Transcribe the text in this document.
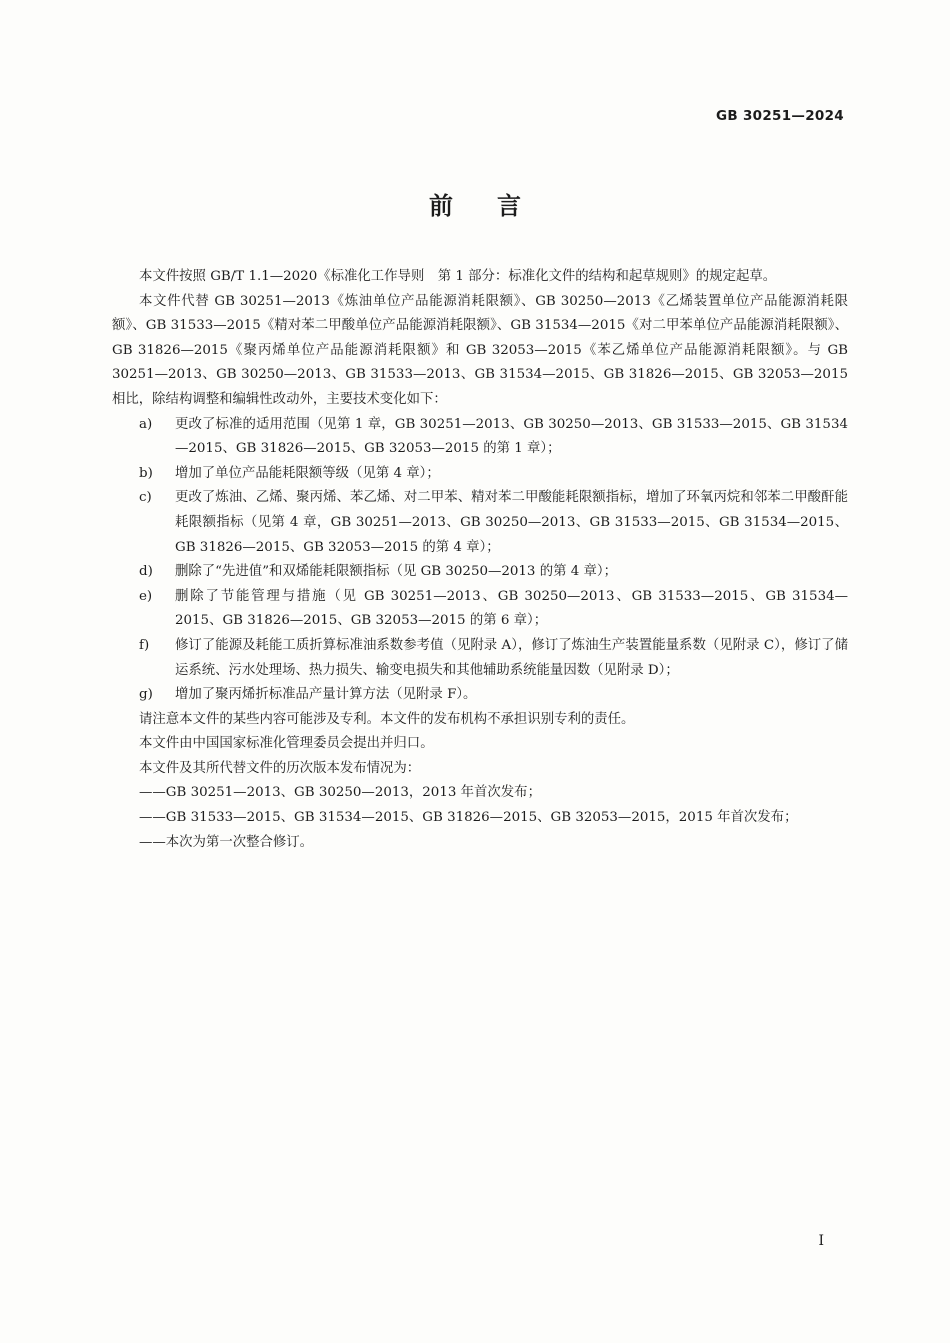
GB 30251—2024
前言

本文件按照 GB/T 1.1—2020《标准化工作导则　第 1 部分：标准化文件的结构和起草规则》的规定起草。

本文件代替 GB 30251—2013《炼油单位产品能源消耗限额》、GB 30250—2013《乙烯装置单位产品能源消耗限额》、GB 31533—2015《精对苯二甲酸单位产品能源消耗限额》、GB 31534—2015《对二甲苯单位产品能源消耗限额》、GB 31826—2015《聚丙烯单位产品能源消耗限额》和 GB 32053—2015《苯乙烯单位产品能源消耗限额》。与 GB 30251—2013、GB 30250—2013、GB 31533—2013、GB 31534—2015、GB 31826—2015、GB 32053—2015 相比，除结构调整和编辑性改动外，主要技术变化如下：

a)	更改了标准的适用范围（见第 1 章，GB 30251—2013、GB 30250—2013、GB 31533—2015、GB 31534—2015、GB 31826—2015、GB 32053—2015 的第 1 章）；
b)	增加了单位产品能耗限额等级（见第 4 章）；
c)	更改了炼油、乙烯、聚丙烯、苯乙烯、对二甲苯、精对苯二甲酸能耗限额指标，增加了环氧丙烷和邻苯二甲酸酐能耗限额指标（见第 4 章，GB 30251—2013、GB 30250—2013、GB 31533—2015、GB 31534—2015、GB 31826—2015、GB 32053—2015 的第 4 章）；
d)	删除了“先进值”和双烯能耗限额指标（见 GB 30250—2013 的第 4 章）；
e)	删除了节能管理与措施（见 GB 30251—2013、GB 30250—2013、GB 31533—2015、GB 31534—2015、GB 31826—2015、GB 32053—2015 的第 6 章）；
f)	修订了能源及耗能工质折算标准油系数参考值（见附录 A），修订了炼油生产装置能量系数（见附录 C），修订了储运系统、污水处理场、热力损失、输变电损失和其他辅助系统能量因数（见附录 D）；
g)	增加了聚丙烯折标准品产量计算方法（见附录 F）。

请注意本文件的某些内容可能涉及专利。本文件的发布机构不承担识别专利的责任。

本文件由中国国家标准化管理委员会提出并归口。

本文件及其所代替文件的历次版本发布情况为：

——GB 30251—2013、GB 30250—2013，2013 年首次发布；
——GB 31533—2015、GB 31534—2015、GB 31826—2015、GB 32053—2015，2015 年首次发布；
——本次为第一次整合修订。
I
